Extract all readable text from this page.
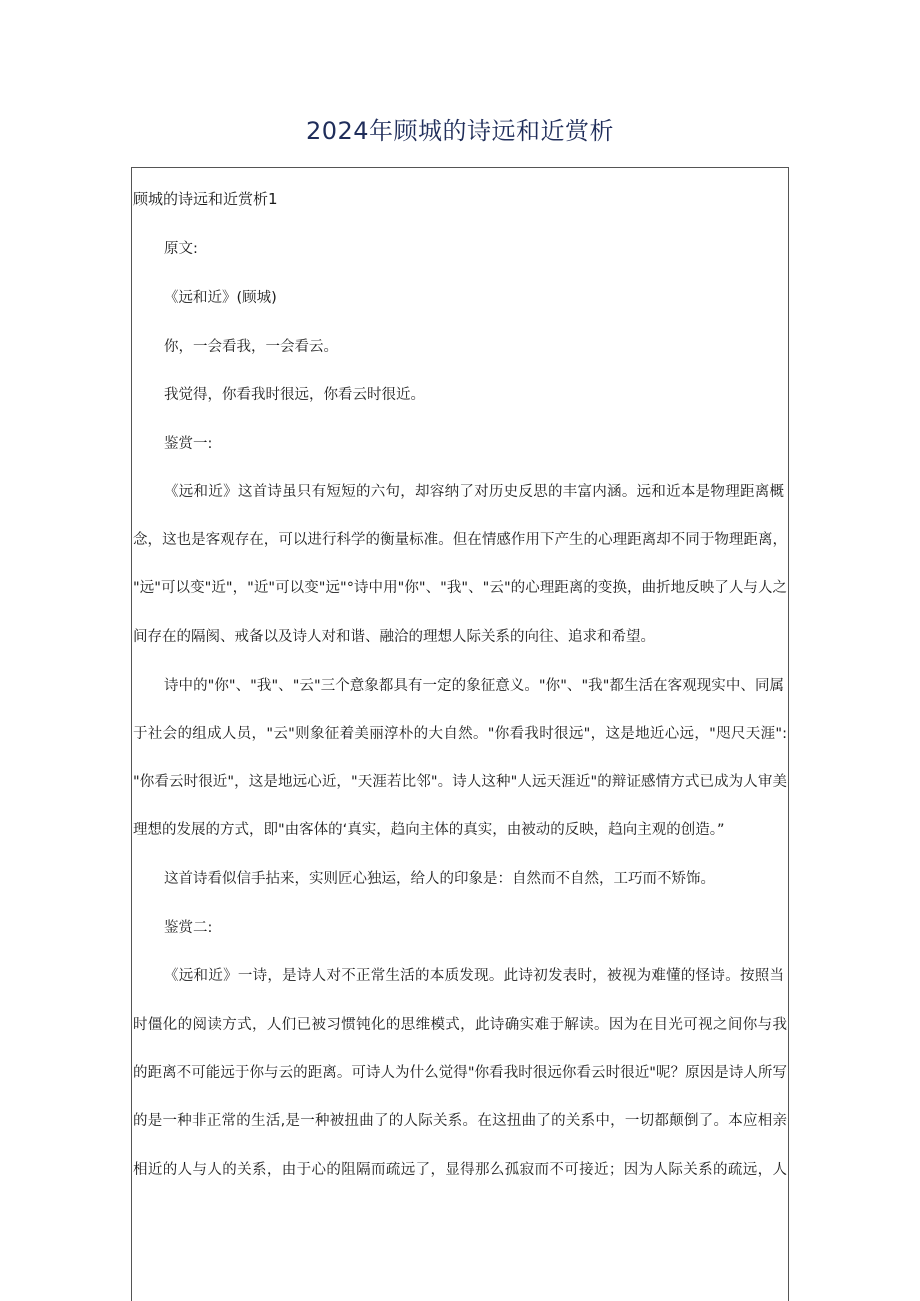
2024年顾城的诗远和近赏析
顾城的诗远和近赏析1
原文:
《远和近》(顾城)
你，一会看我，一会看云。
我觉得，你看我时很远，你看云时很近。
鉴赏一:
《远和近》这首诗虽只有短短的六句，却容纳了对历史反思的丰富内涵。远和近本是物理距离概
念，这也是客观存在，可以进行科学的衡量标准。但在情感作用下产生的心理距离却不同于物理距离，
"远"可以变"近"，"近"可以变"远"°诗中用"你"、"我"、"云"的心理距离的变换，曲折地反映了人与人之
间存在的隔阂、戒备以及诗人对和谐、融洽的理想人际关系的向往、追求和希望。
诗中的"你"、"我"、"云"三个意象都具有一定的象征意义。"你"、"我"都生活在客观现实中、同属
于社会的组成人员，"云"则象征着美丽淳朴的大自然。"你看我时很远"，这是地近心远，"咫尺天涯":
"你看云时很近"，这是地远心近，"天涯若比邻"。诗人这种"人远天涯近"的辩证感情方式已成为人审美
理想的发展的方式，即"由客体的‘真实，趋向主体的真实，由被动的反映，趋向主观的创造。”
这首诗看似信手拈来，实则匠心独运，给人的印象是：自然而不自然，工巧而不矫饰。
鉴赏二:
《远和近》一诗，是诗人对不正常生活的本质发现。此诗初发表时，被视为难懂的怪诗。按照当
时僵化的阅读方式，人们已被习惯钝化的思维模式，此诗确实难于解读。因为在目光可视之间你与我
的距离不可能远于你与云的距离。可诗人为什么觉得"你看我时很远你看云时很近"呢？原因是诗人所写
的是一种非正常的生活,是一种被扭曲了的人际关系。在这扭曲了的关系中，一切都颠倒了。本应相亲
相近的人与人的关系，由于心的阻隔而疏远了，显得那么孤寂而不可接近；因为人际关系的疏远，人
